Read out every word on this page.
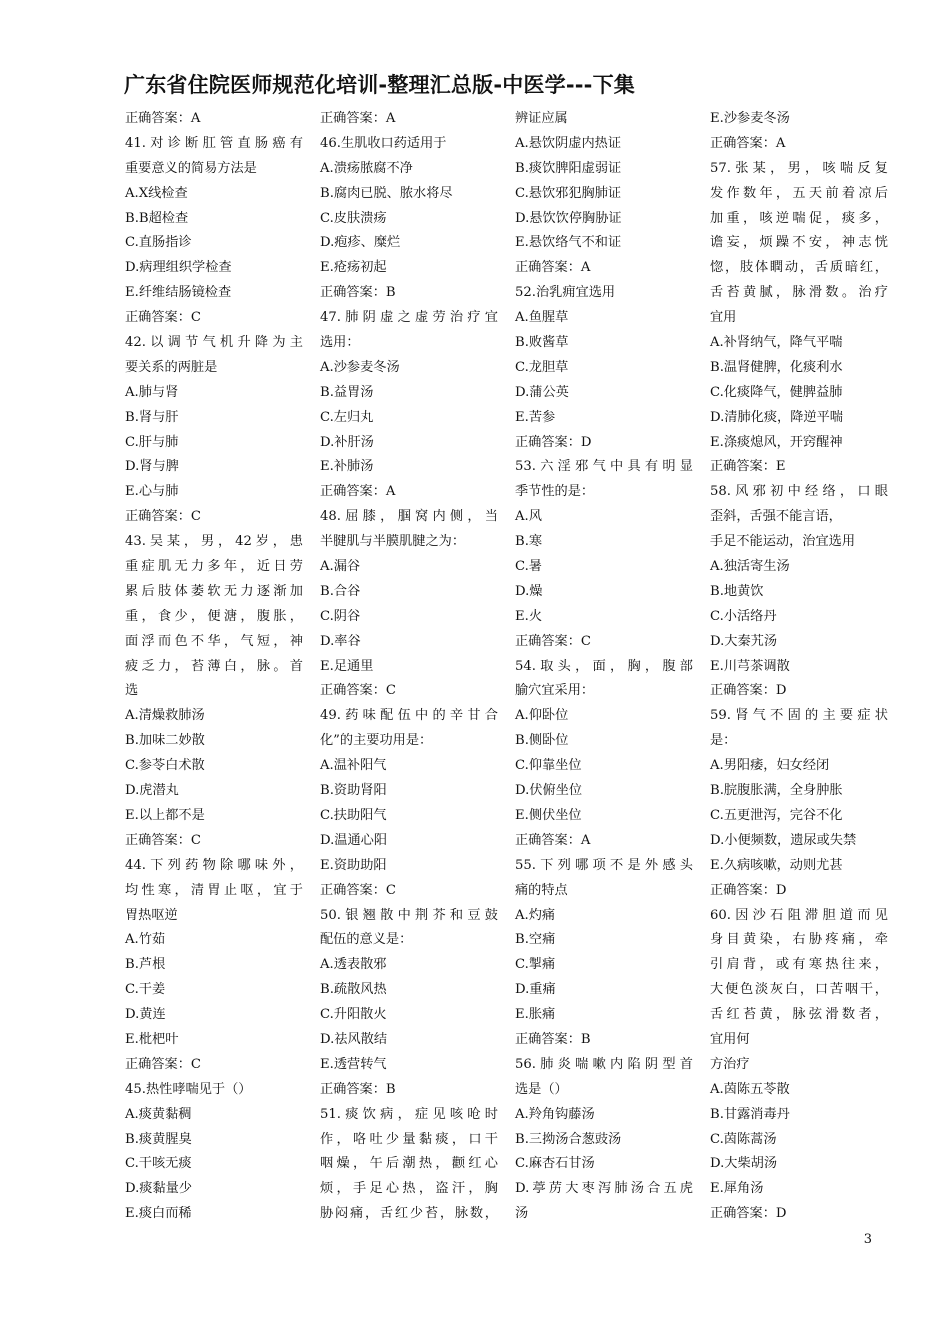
广东省住院医师规范化培训-整理汇总版-中医学---下集
正确答案：A
41.对诊断肛管直肠癌有
重要意义的简易方法是
A.X线检查
B.B超检查
C.直肠指诊
D.病理组织学检查
E.纤维结肠镜检查
正确答案：C
42.以调节气机升降为主
要关系的两脏是
A.肺与肾
B.肾与肝
C.肝与肺
D.肾与脾
E.心与肺
正确答案：C
43.吴某，男，42岁，患
重症肌无力多年，近日劳
累后肢体萎软无力逐渐加
重，食少，便溏，腹胀，
面浮而色不华，气短，神
疲乏力，苔薄白，脉。首
选
A.清燥救肺汤
B.加味二妙散
C.参苓白术散
D.虎潜丸
E.以上都不是
正确答案：C
44.下列药物除哪味外，
均性寒，清胃止呕，宜于
胃热呕逆
A.竹茹
B.芦根
C.干姜
D.黄连
E.枇杷叶
正确答案：C
45.热性哮喘见于（）
A.痰黄黏稠
B.痰黄腥臭
C.干咳无痰
D.痰黏量少
E.痰白而稀
正确答案：A
46.生肌收口药适用于
A.溃疡脓腐不净
B.腐肉已脱、脓水将尽
C.皮肤溃疡
D.疱疹、糜烂
E.疮疡初起
正确答案：B
47.肺阴虚之虚劳治疗宜
选用：
A.沙参麦冬汤
B.益胃汤
C.左归丸
D.补肝汤
E.补肺汤
正确答案：A
48.屈膝，腘窝内侧，当
半腱肌与半膜肌腱之为：
A.漏谷
B.合谷
C.阴谷
D.率谷
E.足通里
正确答案：C
49.药味配伍中的辛甘合
化”的主要功用是：
A.温补阳气
B.资助肾阳
C.扶助阳气
D.温通心阳
E.资助助阳
正确答案：C
50.银翘散中荆芥和豆鼓
配伍的意义是：
A.透表散邪
B.疏散风热
C.升阳散火
D.祛风散结
E.透营转气
正确答案：B
51.痰饮病，症见咳呛时
作，咯吐少量黏痰，口干
咽燥，午后潮热，颧红心
烦，手足心热，盗汗，胸
胁闷痛，舌红少苔，脉数，
辨证应属
A.悬饮阴虚内热证
B.痰饮脾阳虚弱证
C.悬饮邪犯胸肺证
D.悬饮饮停胸胁证
E.悬饮络气不和证
正确答案：A
52.治乳痈宜选用
A.鱼腥草
B.败酱草
C.龙胆草
D.蒲公英
E.苦参
正确答案：D
53.六淫邪气中具有明显
季节性的是：
A.风
B.寒
C.暑
D.燥
E.火
正确答案：C
54.取头，面，胸，腹部
腧穴宜采用：
A.仰卧位
B.侧卧位
C.仰靠坐位
D.伏俯坐位
E.侧伏坐位
正确答案：A
55.下列哪项不是外感头
痛的特点
A.灼痛
B.空痛
C.掣痛
D.重痛
E.胀痛
正确答案：B
56.肺炎喘嗽内陷阴型首
选是（）
A.羚角钩藤汤
B.三拗汤合葱豉汤
C.麻杏石甘汤
D.葶苈大枣泻肺汤合五虎
汤
E.沙参麦冬汤
正确答案：A
57.张某，男，咳喘反复
发作数年，五天前着凉后
加重，咳逆喘促，痰多，
谵妄，烦躁不安，神志恍
惚，肢体瞤动，舌质暗红，
舌苔黄腻，脉滑数。治疗
宜用
A.补肾纳气，降气平喘
B.温肾健脾，化痰利水
C.化痰降气，健脾益肺
D.清肺化痰，降逆平喘
E.涤痰熄风，开窍醒神
正确答案：E
58.风邪初中经络，口眼
歪斜，舌强不能言语，
手足不能运动，治宜选用
A.独活寄生汤
B.地黄饮
C.小活络丹
D.大秦艽汤
E.川芎茶调散
正确答案：D
59.肾气不固的主要症状
是：
A.男阳痿，妇女经闭
B.脘腹胀满，全身肿胀
C.五更泄泻，完谷不化
D.小便频数，遗尿或失禁
E.久病咳嗽，动则尤甚
正确答案：D
60.因沙石阻滞胆道而见
身目黄染，右胁疼痛，牵
引肩背，或有寒热往来，
大便色淡灰白，口苦咽干，
舌红苔黄，脉弦滑数者，
宜用何
方治疗
A.茵陈五苓散
B.甘露消毒丹
C.茵陈蒿汤
D.大柴胡汤
E.犀角汤
正确答案：D
3
